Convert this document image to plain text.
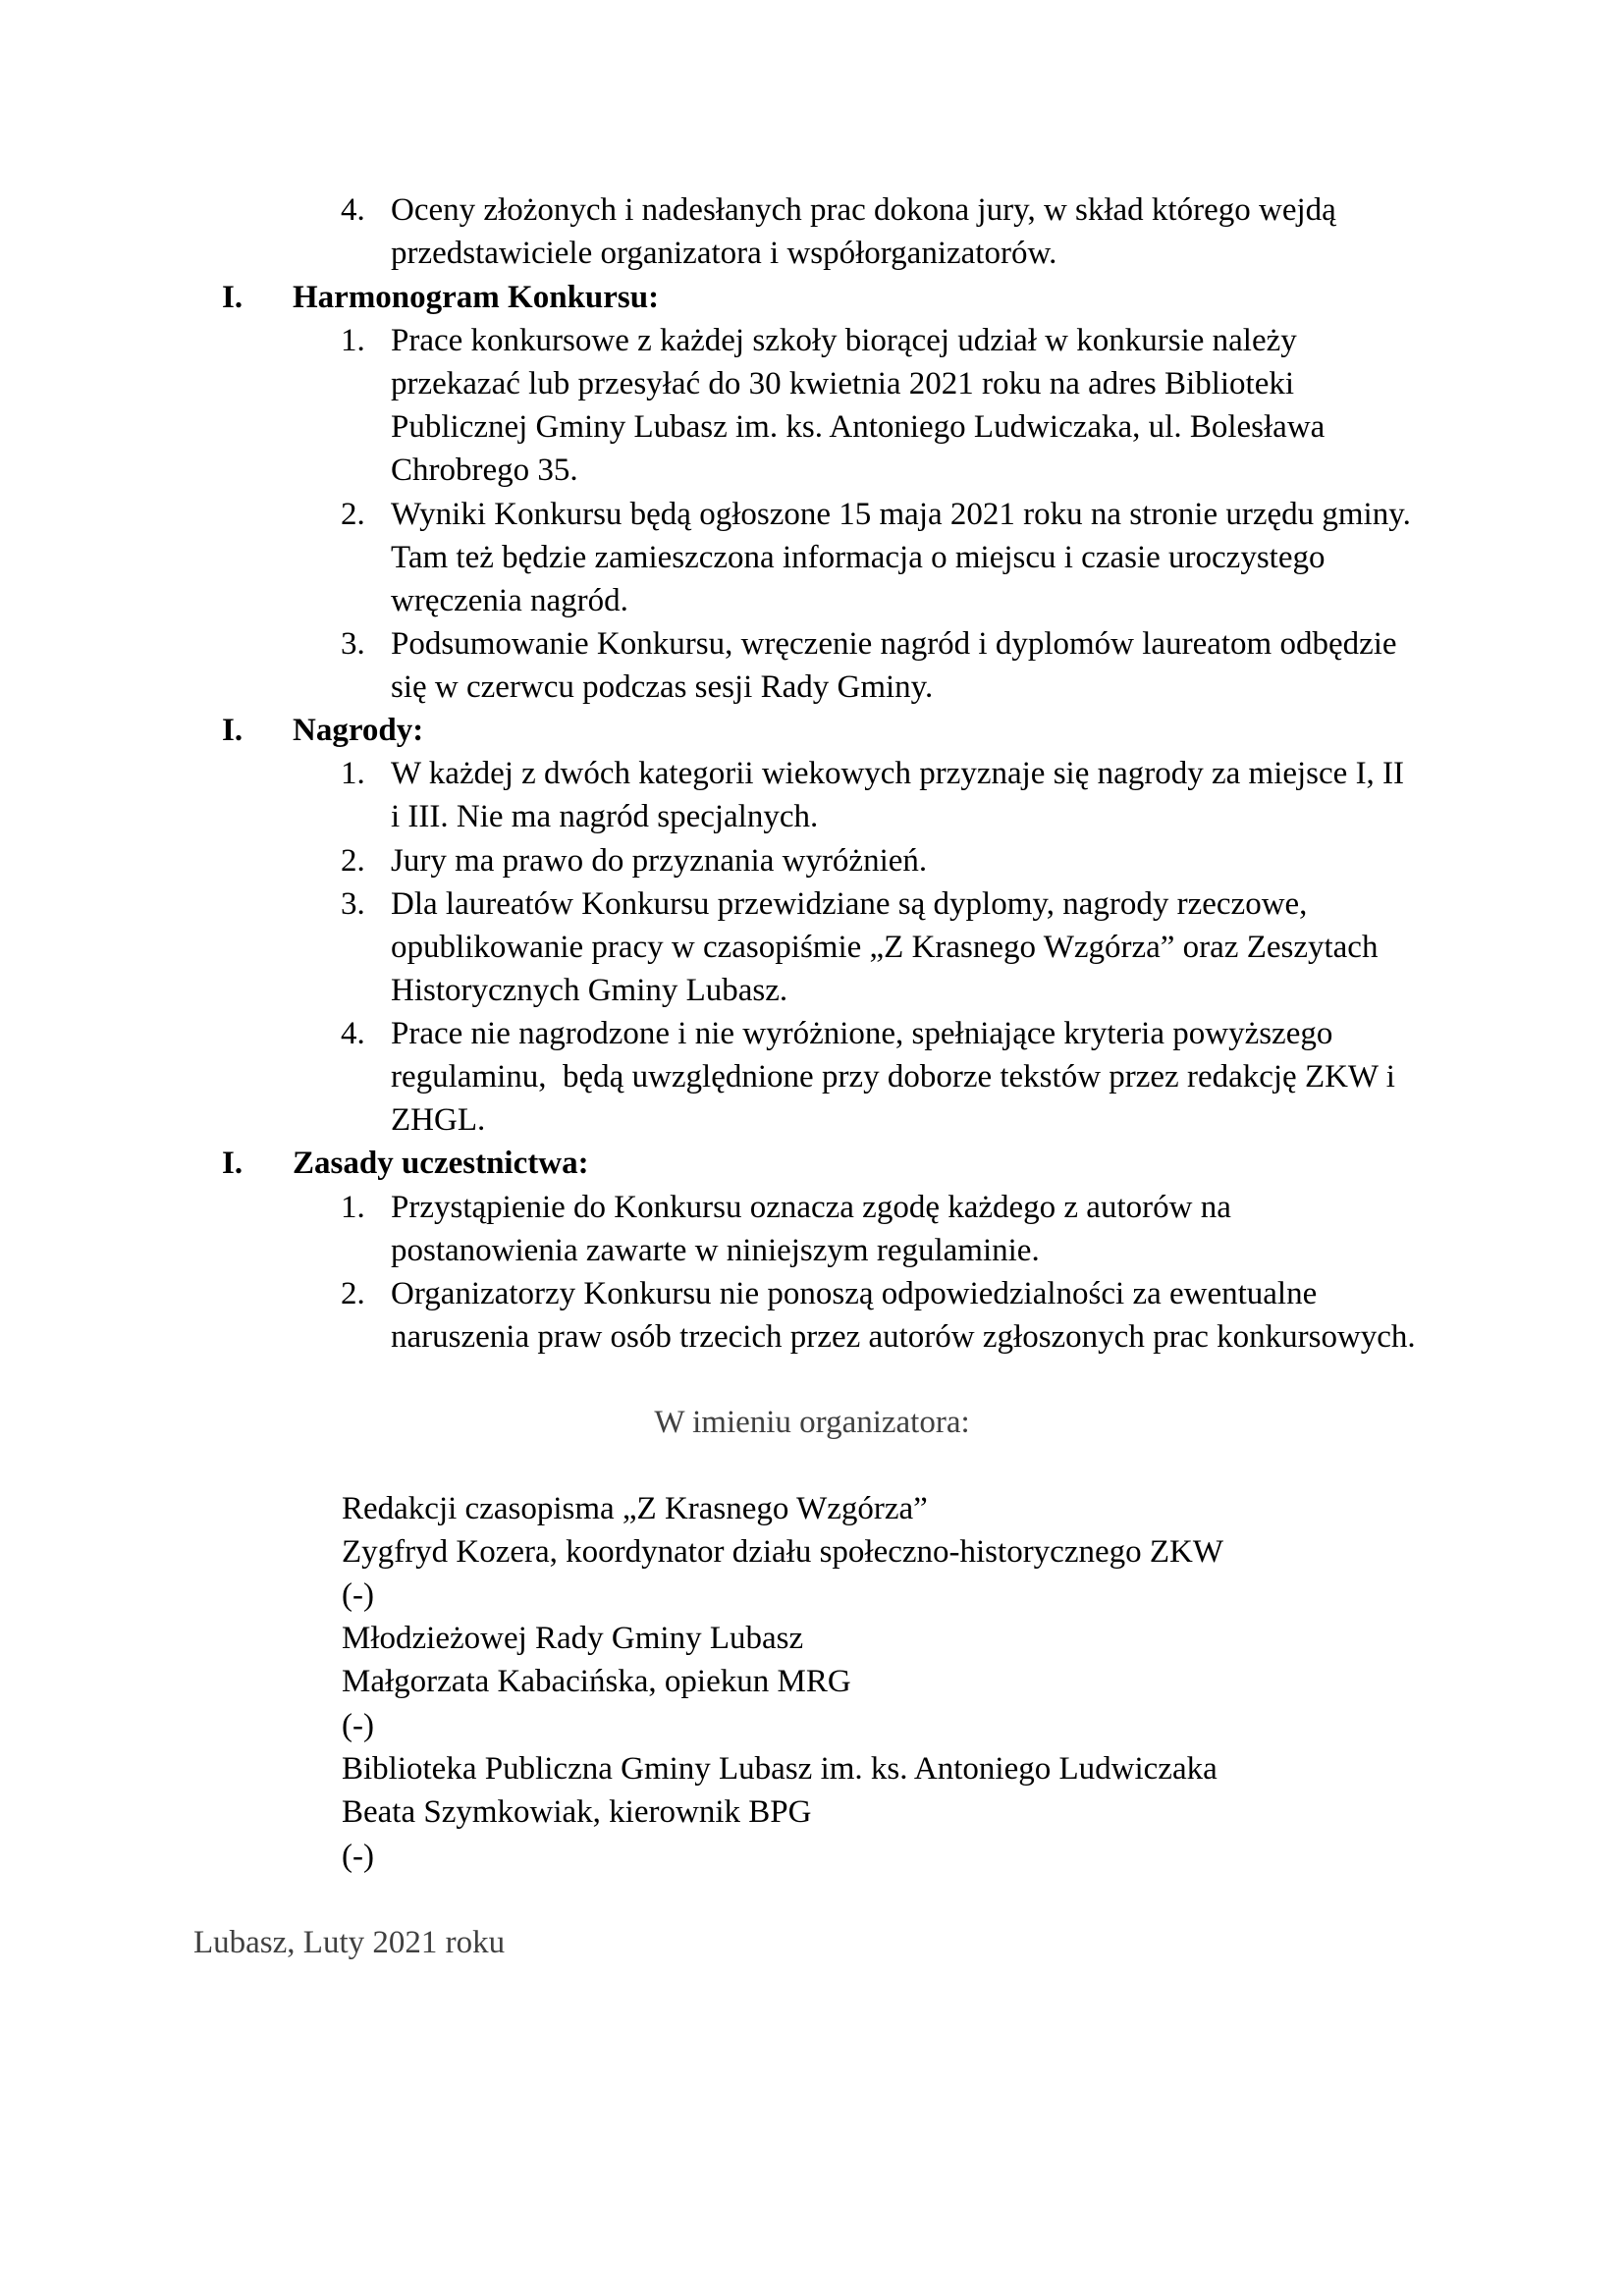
4. Oceny złożonych i nadesłanych prac dokona jury, w skład którego wejdą
przedstawiciele organizatora i współorganizatorów.
I. Harmonogram Konkursu:
1. Prace konkursowe z każdej szkoły biorącej udział w konkursie należy
przekazać lub przesyłać do 30 kwietnia 2021 roku na adres Biblioteki
Publicznej Gminy Lubasz im. ks. Antoniego Ludwiczaka, ul. Bolesława
Chrobrego 35.
2. Wyniki Konkursu będą ogłoszone 15 maja 2021 roku na stronie urzędu gminy.
Tam też będzie zamieszczona informacja o miejscu i czasie uroczystego
wręczenia nagród.
3. Podsumowanie Konkursu, wręczenie nagród i dyplomów laureatom odbędzie
się w czerwcu podczas sesji Rady Gminy.
I. Nagrody:
1. W każdej z dwóch kategorii wiekowych przyznaje się nagrody za miejsce I, II
i III. Nie ma nagród specjalnych.
2. Jury ma prawo do przyznania wyróżnień.
3. Dla laureatów Konkursu przewidziane są dyplomy, nagrody rzeczowe,
opublikowanie pracy w czasopiśmie „Z Krasnego Wzgórza” oraz Zeszytach
Historycznych Gminy Lubasz.
4. Prace nie nagrodzone i nie wyróżnione, spełniające kryteria powyższego
regulaminu,  będą uwzględnione przy doborze tekstów przez redakcję ZKW i
ZHGL.
I. Zasady uczestnictwa:
1. Przystąpienie do Konkursu oznacza zgodę każdego z autorów na
postanowienia zawarte w niniejszym regulaminie.
2. Organizatorzy Konkursu nie ponoszą odpowiedzialności za ewentualne
naruszenia praw osób trzecich przez autorów zgłoszonych prac konkursowych.
W imieniu organizatora:
Redakcji czasopisma „Z Krasnego Wzgórza”
Zygfryd Kozera, koordynator działu społeczno-historycznego ZKW
(-)
Młodzieżowej Rady Gminy Lubasz
Małgorzata Kabacińska, opiekun MRG
(-)
Biblioteka Publiczna Gminy Lubasz im. ks. Antoniego Ludwiczaka
Beata Szymkowiak, kierownik BPG
(-)
Lubasz, Luty 2021 roku
